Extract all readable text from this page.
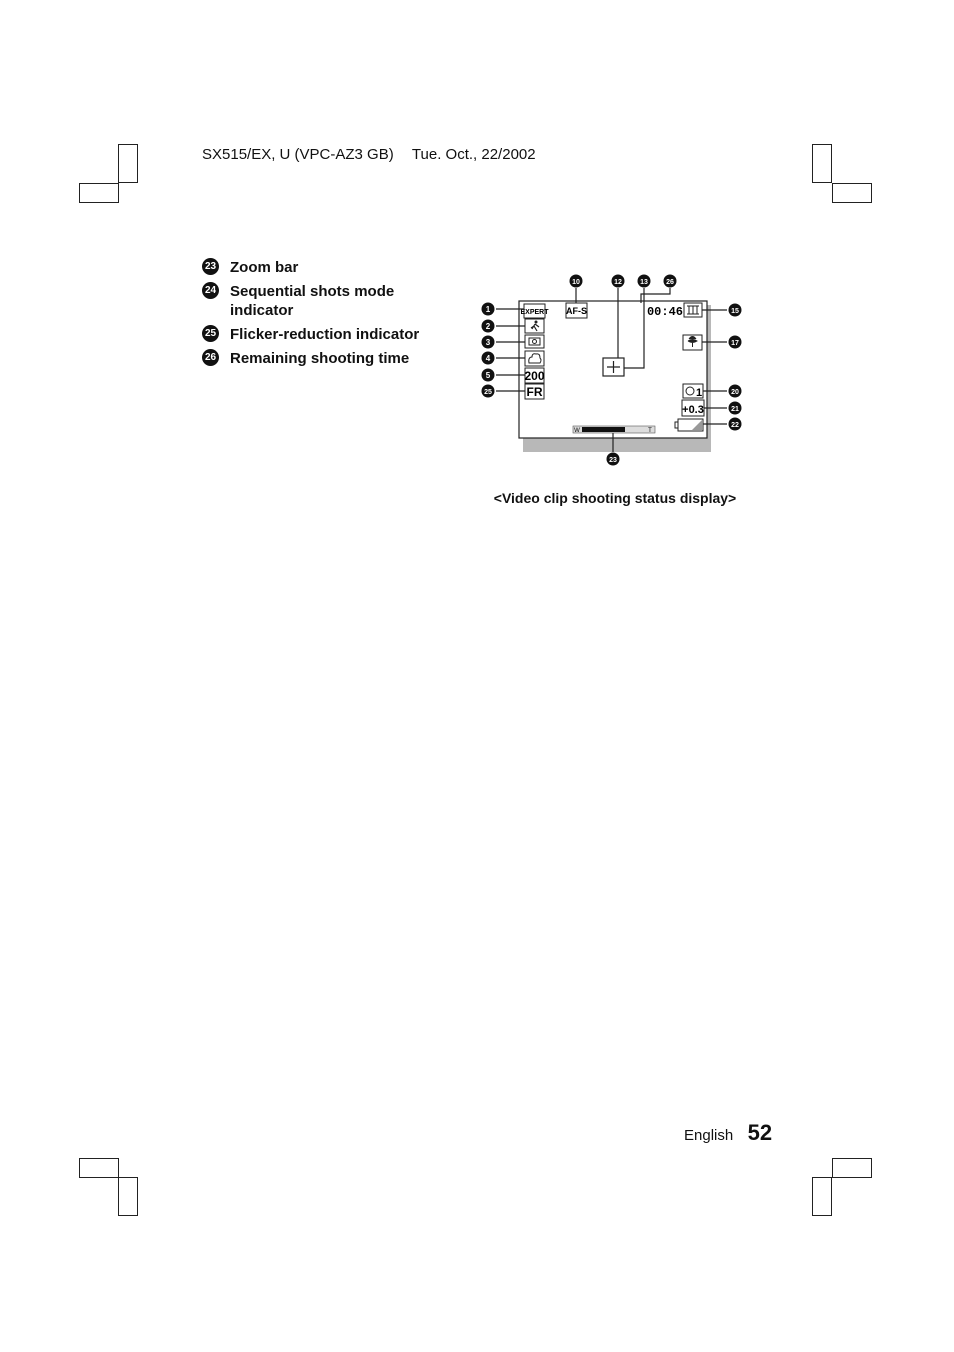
SX515/EX, U (VPC-AZ3 GB) Tue. Oct., 22/2002
23 Zoom bar
24 Sequential shots mode indicator
25 Flicker-reduction indicator
26 Remaining shooting time
EXPERT
200
FR
AF-S	00:46
1
+0.3
W	T
1
2
3
4
5
25
10	12	13	26
15
17
20
21
22
23
<Video clip shooting status display>
English 52
